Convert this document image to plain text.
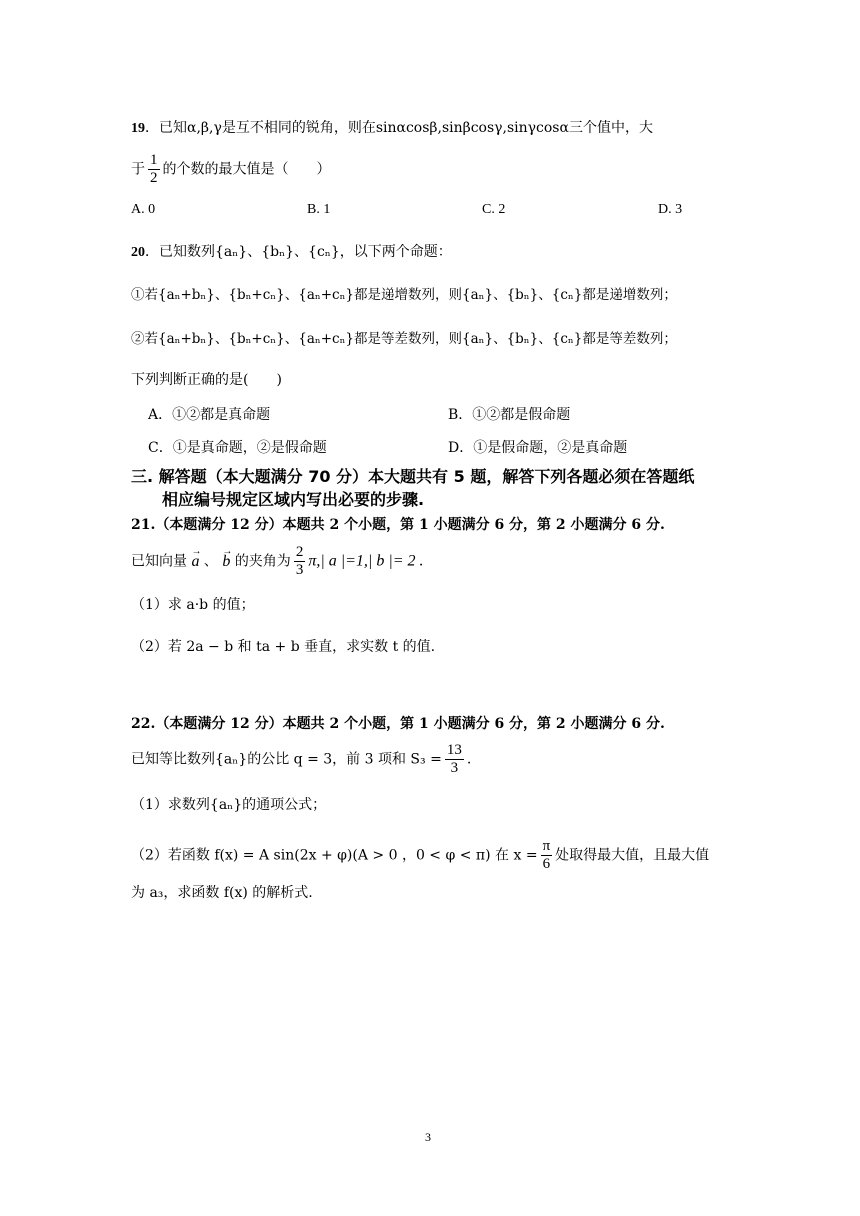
19．已知α,β,γ是互不相同的锐角，则在sinαcosβ,sinβcosγ,sinγcosα三个值中，大
于 $\frac{1}{2}$ 的个数的最大值是（　　）
A. 0	B. 1	C. 2	D. 3
20．已知数列{aₙ}、{bₙ}、{cₙ}，以下两个命题：
①若{aₙ+bₙ}、{bₙ+cₙ}、{aₙ+cₙ}都是递增数列，则{aₙ}、{bₙ}、{cₙ}都是递增数列；
②若{aₙ+bₙ}、{bₙ+cₙ}、{aₙ+cₙ}都是等差数列，则{aₙ}、{bₙ}、{cₙ}都是等差数列；
下列判断正确的是(　　)
A．①②都是真命题	B．①②都是假命题
C．①是真命题，②是假命题	D．①是假命题，②是真命题
三. 解答题（本大题满分 70 分）本大题共有 5 题，解答下列各题必须在答题纸
相应编号规定区域内写出必要的步骤.
21.（本题满分 12 分）本题共 2 个小题，第 1 小题满分 6 分，第 2 小题满分 6 分.
已知向量 → a 、 → b 的夹角为 $\frac{2}{3} \pi,|$ a |=1,| b |= 2 .
（1）求 a·b 的值；
（2）若 2a − b 和 ta + b 垂直，求实数 t 的值.
22.（本题满分 12 分）本题共 2 个小题，第 1 小题满分 6 分，第 2 小题满分 6 分.
已知等比数列{aₙ}的公比 q = 3，前 3 项和 $S_3 = \frac{13}{3}$ .
（1）求数列{aₙ}的通项公式；
（2）若函数 f(x) = A sin(2x + φ)(A > 0 ，0 < φ < π) 在 $x = \frac{\pi}{6}$ 处取得最大值，且最大值
为 a₃，求函数 f(x) 的解析式.
3
